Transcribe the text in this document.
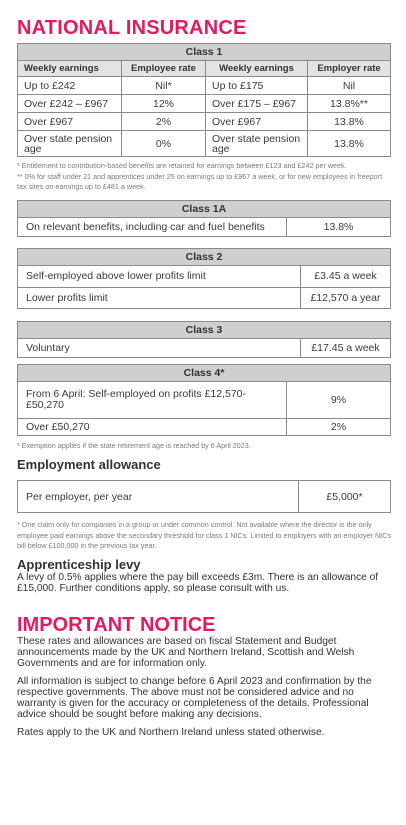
NATIONAL INSURANCE
Class 1			
Weekly earnings	Employee rate	Weekly earnings	Employer rate
Up to £242	Nil*	Up to £175	Nil
Over £242 – £967	12%	Over £175 – £967	13.8%**
Over £967	2%	Over £967	13.8%
Over state pension age	0%	Over state pension age	13.8%
* Entitlement to contribution-based benefits are retained for earnings between £123 and £242 per week.
** 0% for staff under 21 and apprentices under 25 on earnings up to £967 a week, or for new employees in freeport tax sites on earnings up to £481 a week.
Class 1A
On relevant benefits, including car and fuel benefits	13.8%
Class 2
Self-employed above lower profits limit	£3.45 a week
Lower profits limit	£12,570 a year
Class 3
Voluntary	£17.45 a week
Class 4*
From 6 April: Self-employed on profits £12,570-£50,270	9%
Over £50,270	2%
* Exemption applies if the state retirement age is reached by 6 April 2023.
Employment allowance
Per employer, per year	£5,000*
* One claim only for companies in a group or under common control. Not available where the director is the only employee paid earnings above the secondary threshold for class 1 NICs. Limited to employers with an employer NICs bill below £100,000 in the previous tax year.
Apprenticeship levy
A levy of 0.5% applies where the pay bill exceeds £3m. There is an allowance of £15,000. Further conditions apply, so please consult with us.
IMPORTANT NOTICE
These rates and allowances are based on fiscal Statement and Budget announcements made by the UK and Northern Ireland, Scottish and Welsh Governments and are for information only.
All information is subject to change before 6 April 2023 and confirmation by the respective governments. The above must not be considered advice and no warranty is given for the accuracy or completeness of the details. Professional advice should be sought before making any decisions.
Rates apply to the UK and Northern Ireland unless stated otherwise.
